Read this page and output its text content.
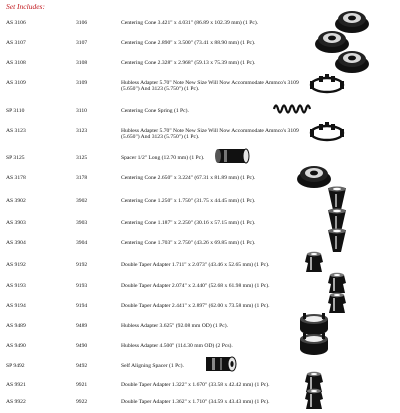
Set Includes:
AS 3106	3106	Centering Cone 3.421" x 4.031" (86.89 x 102.39 mm) (1 Pc).
AS 3107	3107	Centering Cone 2.890" x 3.500" (73.41 x 88.90 mm) (1 Pc).
AS 3108	3108	Centering Cone 2.328" x 2.968" (59.13 x 75.39 mm) (1 Pc).
AS 3109	3109	Hubless Adapter 5.70" Note New Size Will Now Accommodate Ammco's 3109 (5.650") And 3123 (5.750") (1 Pc).
SP 3110	3110	Centering Cone Spring (1 Pc).
AS 3123	3123	Hubless Adapter 5.70" Note New Size Will Now Accommodate Ammco's 3109 (5.650") And 3123 (5.750") (1 Pc).
SP 3125	3125	Spacer 1/2" Long (12.70 mm) (1 Pc).
AS 3178	3178	Centering Cone 2.650" x 3.224" (67.31 x 81.89 mm) (1 Pc).
AS 3902	3902	Centering Cone 1.250" x 1.750" (31.75 x 44.45 mm) (1 Pc).
AS 3903	3903	Centering Cone 1.187" x 2.250" (30.16 x 57.15 mm) (1 Pc).
AS 3904	3904	Centering Cone 1.703" x 2.750" (43.26 x 69.85 mm) (1 Pc).
AS 9192	9192	Double Taper Adapter 1.711" x 2.073" (43.46 x 52.65 mm) (1 Pc).
AS 9193	9193	Double Taper Adapter 2.074" x 2.440" (52.68 x 61.98 mm) (1 Pc).
AS 9194	9194	Double Taper Adapter 2.441" x 2.897" (62.00 x 73.58 mm) (1 Pc).
AS 9489	9489	Hubless Adapter 3.625" (92.08 mm OD) (1 Pc).
AS 9490	9490	Hubless Adapter 4.500" (114.30 mm OD) (2 Pcs).
SP 9492	9492	Self Aligning Spacer (1 Pc).
AS 9921	9921	Double Taper Adapter 1.322" x 1.670" (33.58 x 42.42 mm) (1 Pc).
AS 9922	9922	Double Taper Adapter 1.362" x 1.710" (34.59 x 43.43 mm) (1 Pc).
